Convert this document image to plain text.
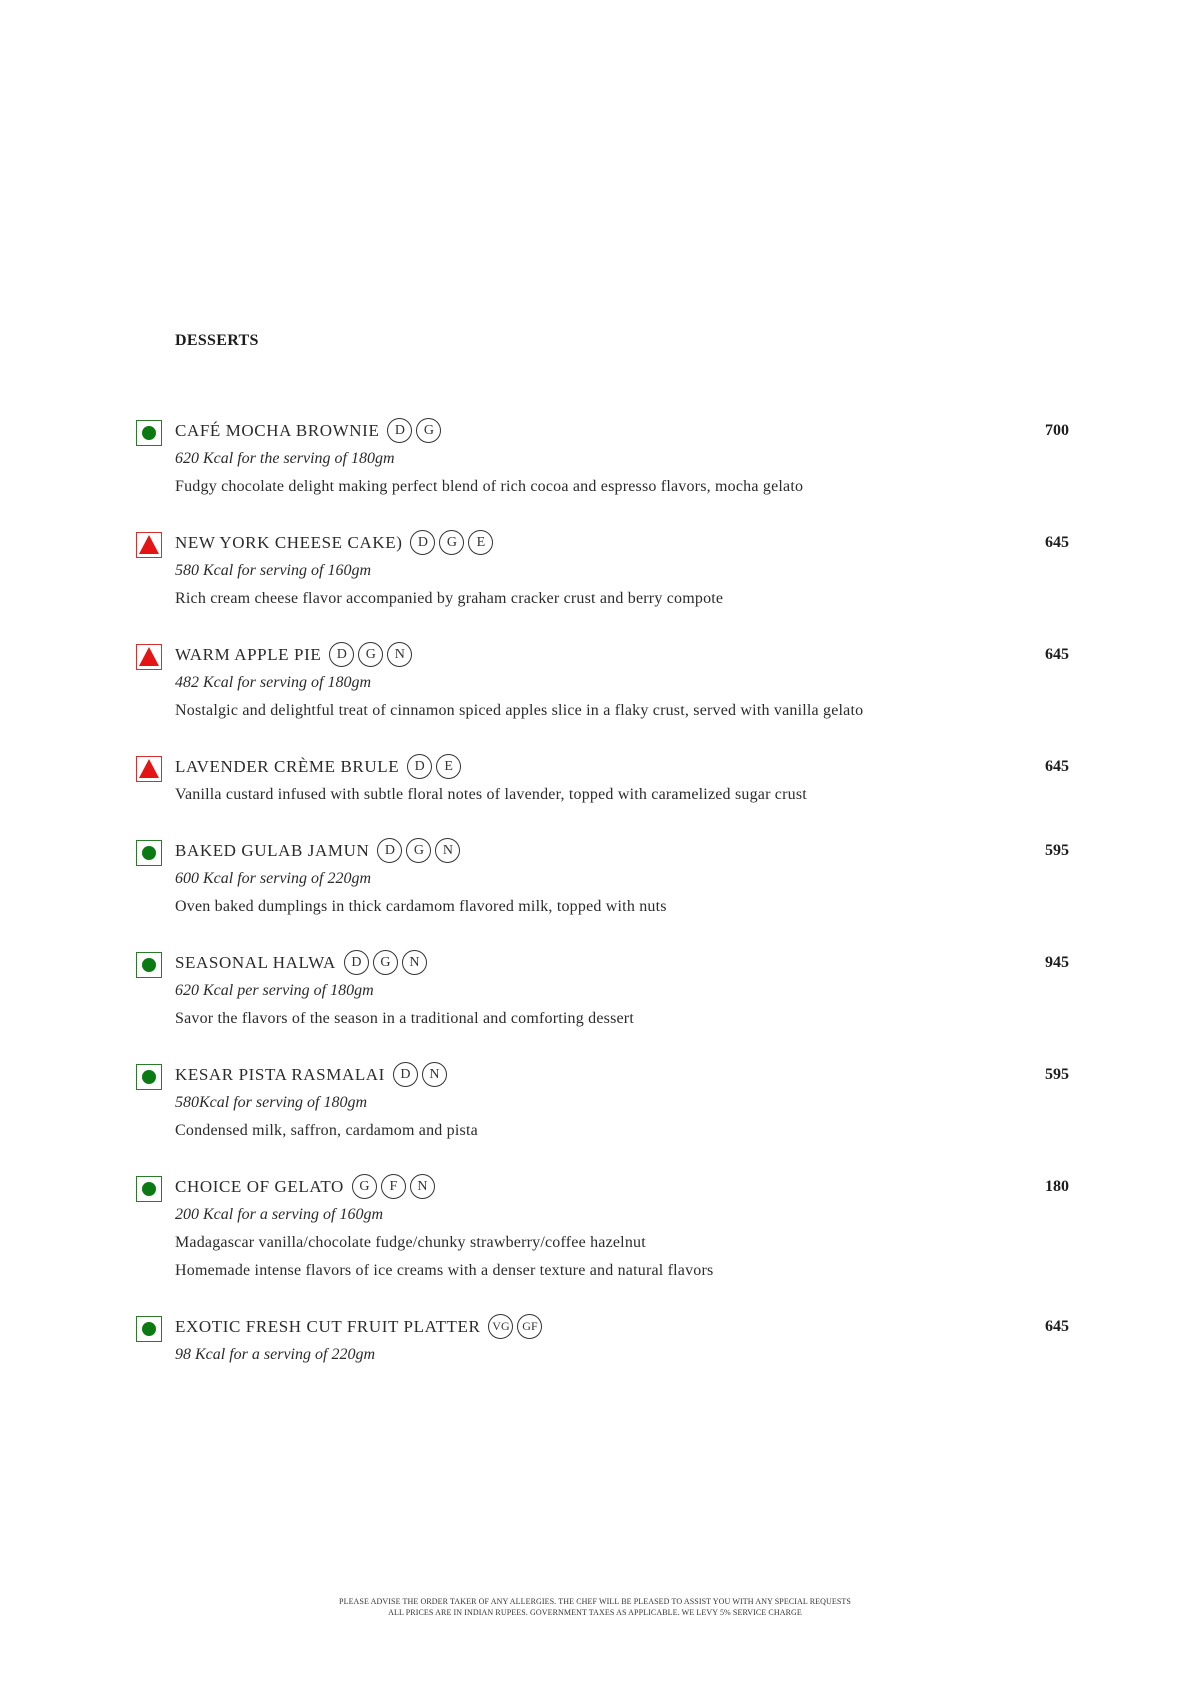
DESSERTS
CAFÉ MOCHA BROWNIE	D	G	700
620 Kcal for the serving of 180gm
Fudgy chocolate delight making perfect blend of rich cocoa and espresso flavors, mocha gelato
NEW YORK CHEESE CAKE)	D	G	E	645
580 Kcal for serving of 160gm
Rich cream cheese flavor accompanied by graham cracker crust and berry compote
WARM APPLE PIE	D	G	N	645
482 Kcal for serving of 180gm
Nostalgic and delightful treat of cinnamon spiced apples slice in a flaky crust, served with vanilla gelato
LAVENDER CRÈME BRULE	D	E	645
Vanilla custard infused with subtle floral notes of lavender, topped with caramelized sugar crust
BAKED GULAB JAMUN	D	G	N	595
600 Kcal for serving of 220gm
Oven baked dumplings in thick cardamom flavored milk, topped with nuts
SEASONAL HALWA	D	G	N	945
620 Kcal per serving of 180gm
Savor the flavors of the season in a traditional and comforting dessert
KESAR PISTA RASMALAI	D	N	595
580Kcal for serving of 180gm
Condensed milk, saffron, cardamom and pista
CHOICE OF GELATO	G	F	N	180
200 Kcal for a serving of 160gm
Madagascar vanilla/chocolate fudge/chunky strawberry/coffee hazelnut
Homemade intense flavors of ice creams with a denser texture and natural flavors
EXOTIC FRESH CUT FRUIT PLATTER VG	GF	645
98 Kcal for a serving of 220gm
PLEASE ADVISE THE ORDER TAKER OF ANY ALLERGIES. THE CHEF WILL BE PLEASED TO ASSIST YOU WITH ANY SPECIAL REQUESTS
ALL PRICES ARE IN INDIAN RUPEES. GOVERNMENT TAXES AS APPLICABLE. WE LEVY 5% SERVICE CHARGE
